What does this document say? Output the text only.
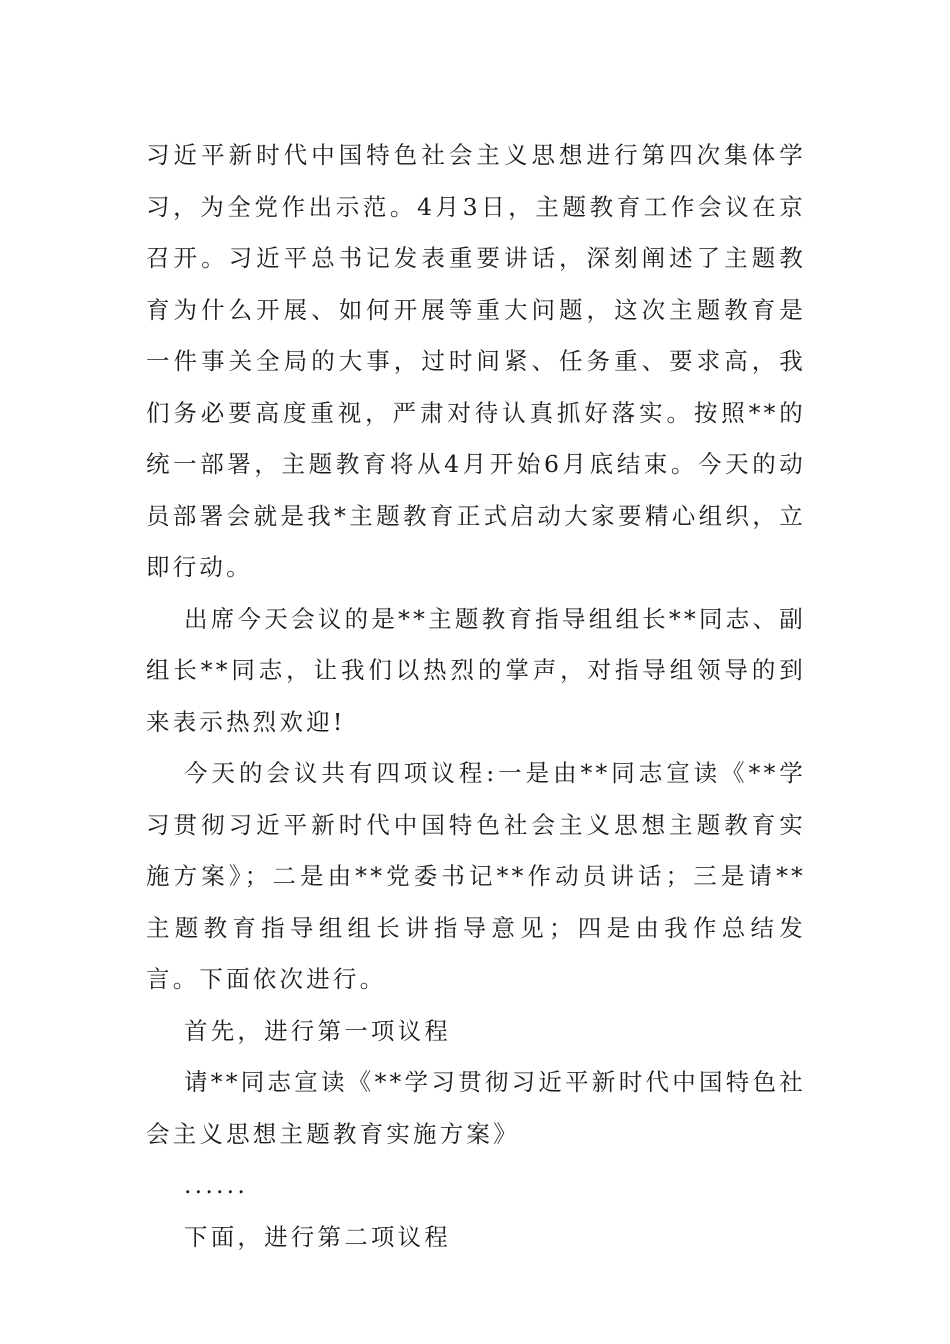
习近平新时代中国特色社会主义思想进行第四次集体学习，为全党作出示范。4月3日，主题教育工作会议在京召开。习近平总书记发表重要讲话，深刻阐述了主题教育为什么开展、如何开展等重大问题，这次主题教育是一件事关全局的大事，过时间紧、任务重、要求高，我们务必要高度重视，严肃对待认真抓好落实。按照**的统一部署，主题教育将从4月开始6月底结束。今天的动员部署会就是我*主题教育正式启动大家要精心组织，立即行动。

出席今天会议的是**主题教育指导组组长**同志、副组长**同志，让我们以热烈的掌声，对指导组领导的到来表示热烈欢迎!

今天的会议共有四项议程:一是由**同志宣读《**学习贯彻习近平新时代中国特色社会主义思想主题教育实施方案》；二是由**党委书记**作动员讲话；三是请**主题教育指导组组长讲指导意见；四是由我作总结发言。下面依次进行。

首先，进行第一项议程

请**同志宣读《**学习贯彻习近平新时代中国特色社会主义思想主题教育实施方案》

......

下面，进行第二项议程
